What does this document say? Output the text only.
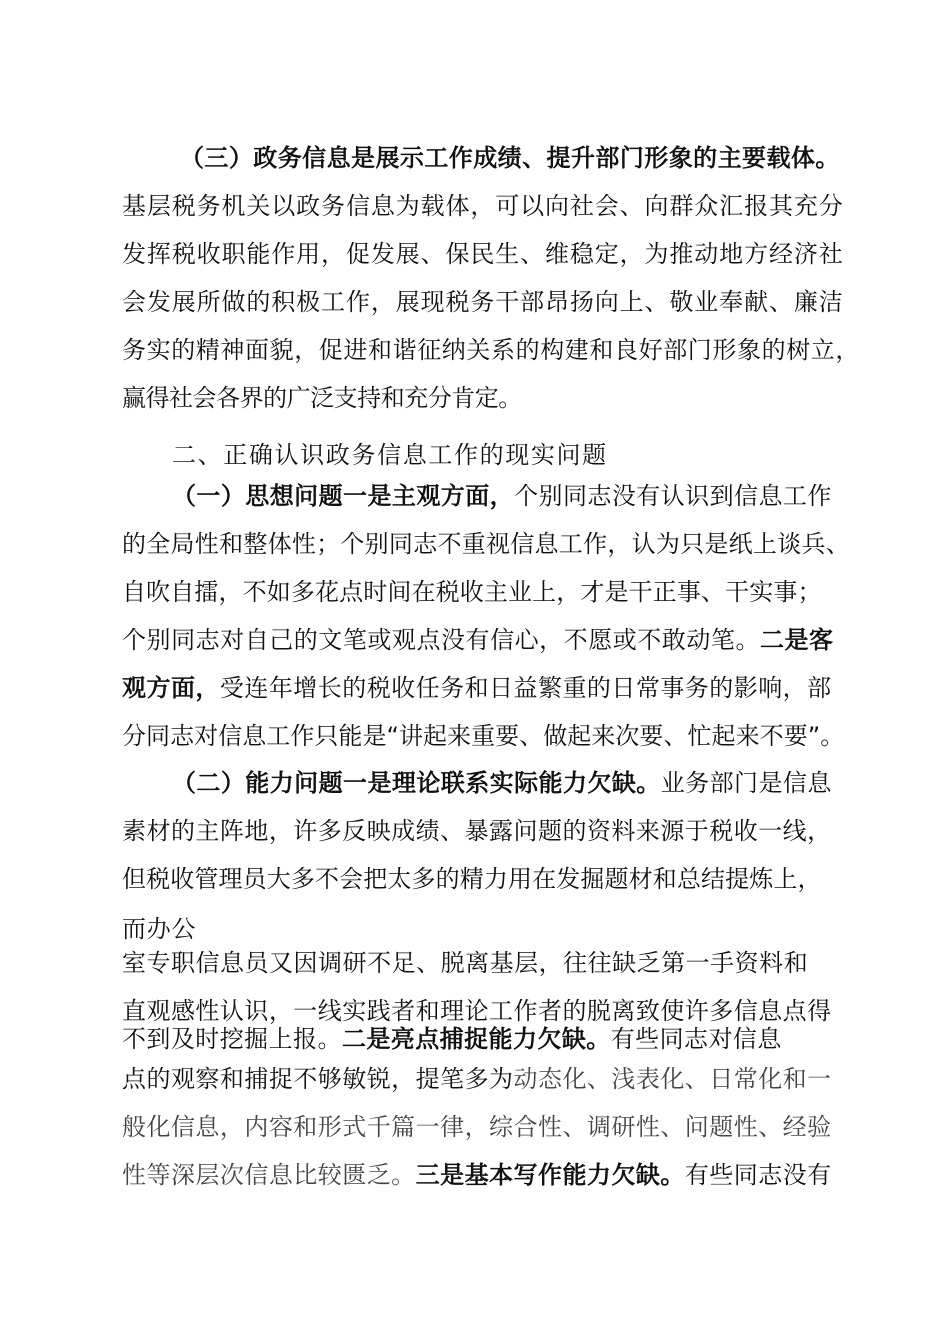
（三）政务信息是展示工作成绩、提升部门形象的主要载体。
基层税务机关以政务信息为载体，可以向社会、向群众汇报其充分
发挥税收职能作用，促发展、保民生、维稳定，为推动地方经济社
会发展所做的积极工作，展现税务干部昂扬向上、敬业奉献、廉洁
务实的精神面貌，促进和谐征纳关系的构建和良好部门形象的树立，
赢得社会各界的广泛支持和充分肯定。
二、正确认识政务信息工作的现实问题
（一）思想问题一是主观方面，个别同志没有认识到信息工作
的全局性和整体性；个别同志不重视信息工作，认为只是纸上谈兵、
自吹自擂，不如多花点时间在税收主业上，才是干正事、干实事；
个别同志对自己的文笔或观点没有信心，不愿或不敢动笔。二是客
观方面，受连年增长的税收任务和日益繁重的日常事务的影响，部
分同志对信息工作只能是“讲起来重要、做起来次要、忙起来不要”。
（二）能力问题一是理论联系实际能力欠缺。业务部门是信息
素材的主阵地，许多反映成绩、暴露问题的资料来源于税收一线，
但税收管理员大多不会把太多的精力用在发掘题材和总结提炼上，
而办公
室专职信息员又因调研不足、脱离基层，往往缺乏第一手资料和
直观感性认识，一线实践者和理论工作者的脱离致使许多信息点得
不到及时挖掘上报。二是亮点捕捉能力欠缺。有些同志对信息
点的观察和捕捉不够敏锐，提笔多为动态化、浅表化、日常化和一
般化信息，内容和形式千篇一律，综合性、调研性、问题性、经验
性等深层次信息比较匮乏。三是基本写作能力欠缺。有些同志没有
